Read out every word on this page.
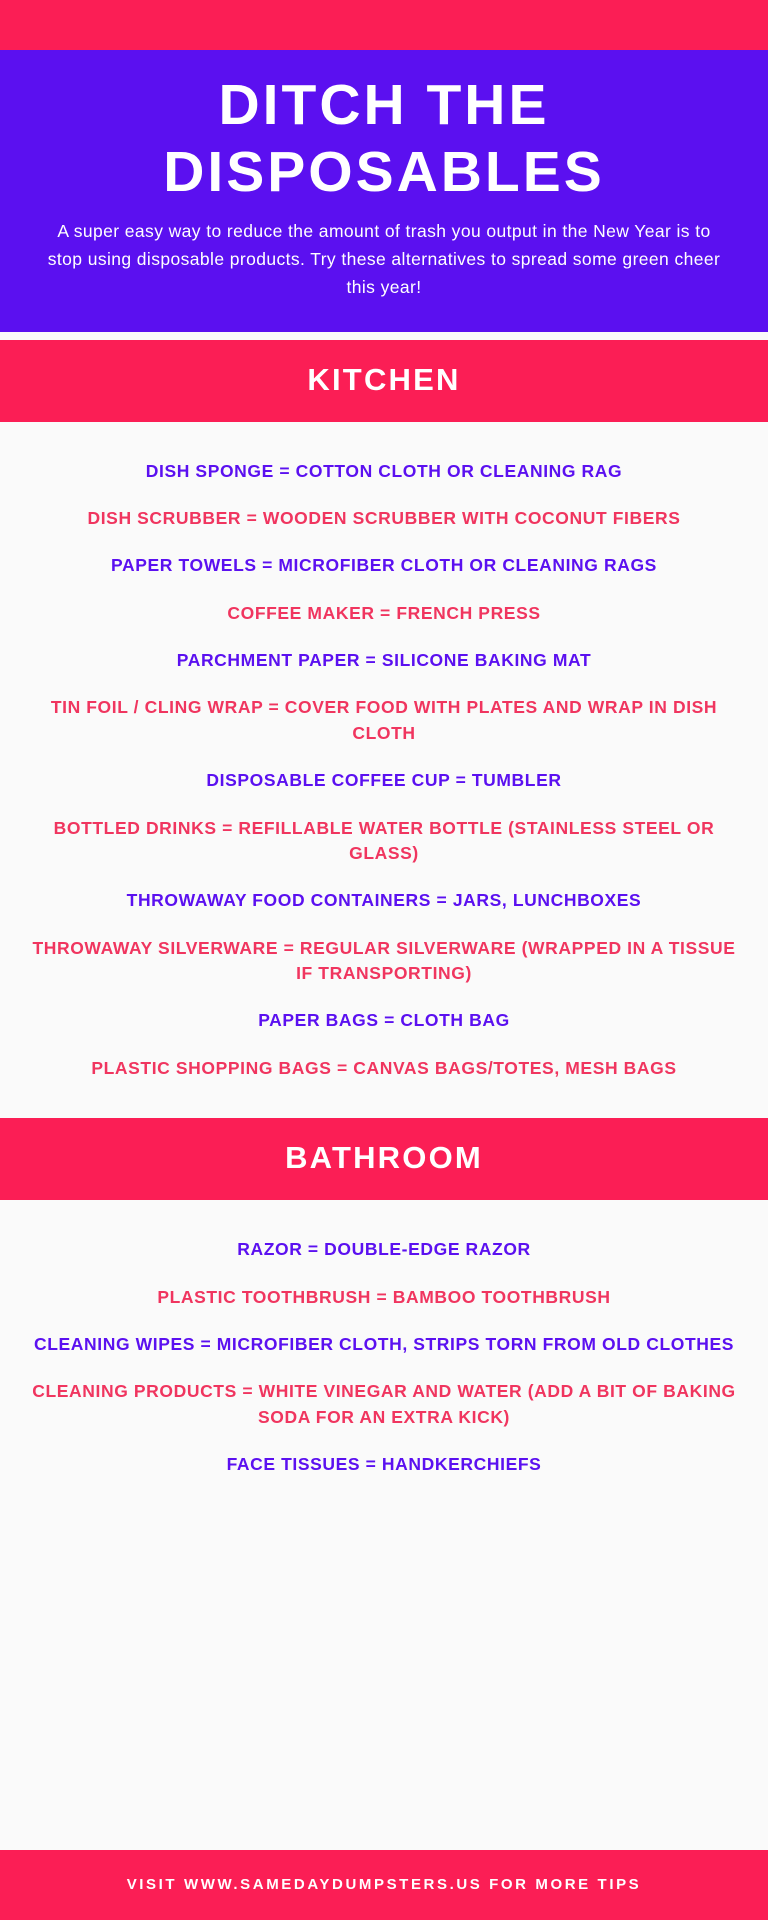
DITCH THE
DISPOSABLES
A super easy way to reduce the amount of trash you output in the New Year is to stop using disposable products. Try these alternatives to spread some green cheer this year!
KITCHEN
DISH SPONGE = COTTON CLOTH OR CLEANING RAG
DISH SCRUBBER = WOODEN SCRUBBER WITH COCONUT FIBERS
PAPER TOWELS = MICROFIBER CLOTH OR CLEANING RAGS
COFFEE MAKER = FRENCH PRESS
PARCHMENT PAPER = SILICONE BAKING MAT
TIN FOIL / CLING WRAP = COVER FOOD WITH PLATES AND WRAP IN DISH CLOTH
DISPOSABLE COFFEE CUP = TUMBLER
BOTTLED DRINKS = REFILLABLE WATER BOTTLE (STAINLESS STEEL OR GLASS)
THROWAWAY FOOD CONTAINERS = JARS, LUNCHBOXES
THROWAWAY SILVERWARE = REGULAR SILVERWARE (WRAPPED IN A TISSUE IF TRANSPORTING)
PAPER BAGS = CLOTH BAG
PLASTIC SHOPPING BAGS = CANVAS BAGS/TOTES, MESH BAGS
BATHROOM
RAZOR = DOUBLE-EDGE RAZOR
PLASTIC TOOTHBRUSH = BAMBOO TOOTHBRUSH
CLEANING WIPES = MICROFIBER CLOTH, STRIPS TORN FROM OLD CLOTHES
CLEANING PRODUCTS = WHITE VINEGAR AND WATER (ADD A BIT OF BAKING SODA FOR AN EXTRA KICK)
FACE TISSUES = HANDKERCHIEFS
VISIT WWW.SAMEDAYDUMPSTERS.US FOR MORE TIPS
